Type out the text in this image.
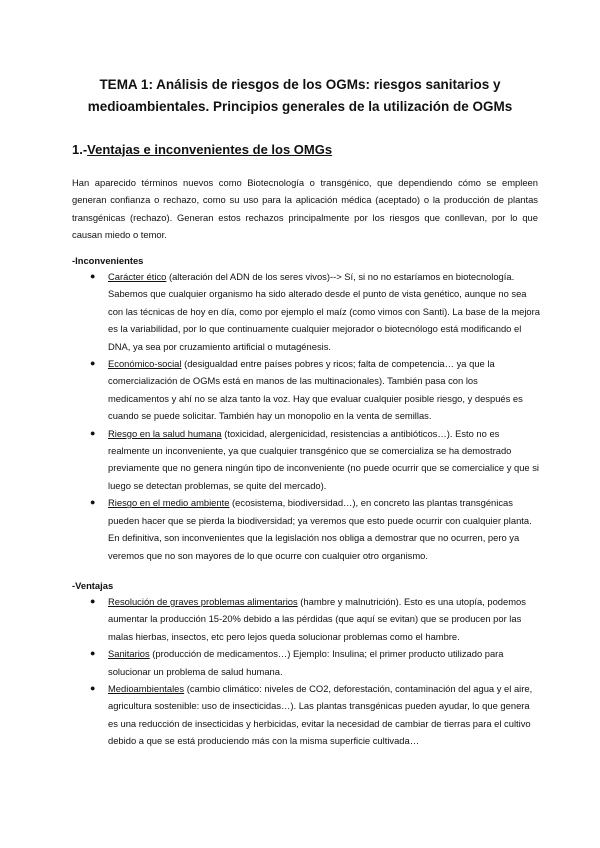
TEMA 1: Análisis de riesgos de los OGMs: riesgos sanitarios y medioambientales. Principios generales de la utilización de OGMs
1.-Ventajas e inconvenientes de los OMGs

Han aparecido términos nuevos como Biotecnología o transgénico, que dependiendo cómo se empleen generan confianza o rechazo, como su uso para la aplicación médica (aceptado) o la producción de plantas transgénicas (rechazo). Generan estos rechazos principalmente por los riesgos que conllevan, por lo que causan miedo o temor.

-Inconvenientes

● Carácter ético (alteración del ADN de los seres vivos)--> Sí, si no no estaríamos en biotecnología. Sabemos que cualquier organismo ha sido alterado desde el punto de vista genético, aunque no sea con las técnicas de hoy en día, como por ejemplo el maíz (como vimos con Santi). La base de la mejora es la variabilidad, por lo que continuamente cualquier mejorador o biotecnólogo está modificando el DNA, ya sea por cruzamiento artificial o mutagénesis.
● Económico-social (desigualdad entre países pobres y ricos; falta de competencia… ya que la comercialización de OGMs está en manos de las multinacionales). También pasa con los medicamentos y ahí no se alza tanto la voz. Hay que evaluar cualquier posible riesgo, y después es cuando se puede solicitar. También hay un monopolio en la venta de semillas.
● Riesgo en la salud humana (toxicidad, alergenicidad, resistencias a antibióticos…). Esto no es realmente un inconveniente, ya que cualquier transgénico que se comercializa se ha demostrado previamente que no genera ningún tipo de inconveniente (no puede ocurrir que se comercialice y que si luego se detectan problemas, se quite del mercado).
● Riesgo en el medio ambiente (ecosistema, biodiversidad…), en concreto las plantas transgénicas pueden hacer que se pierda la biodiversidad; ya veremos que esto puede ocurrir con cualquier planta.
En definitiva, son inconvenientes que la legislación nos obliga a demostrar que no ocurren, pero ya veremos que no son mayores de lo que ocurre con cualquier otro organismo.

-Ventajas

● Resolución de graves problemas alimentarios (hambre y malnutrición). Esto es una utopía, podemos aumentar la producción 15-20% debido a las pérdidas (que aquí se evitan) que se producen por las malas hierbas, insectos, etc pero lejos queda solucionar problemas como el hambre.
● Sanitarios (producción de medicamentos…) Ejemplo: Insulina; el primer producto utilizado para solucionar un problema de salud humana.
● Medioambientales (cambio climático: niveles de CO2, deforestación, contaminación del agua y el aire, agricultura sostenible: uso de insecticidas…). Las plantas transgénicas pueden ayudar, lo que genera es una reducción de insecticidas y herbicidas, evitar la necesidad de cambiar de tierras para el cultivo debido a que se está produciendo más con la misma superficie cultivada…
